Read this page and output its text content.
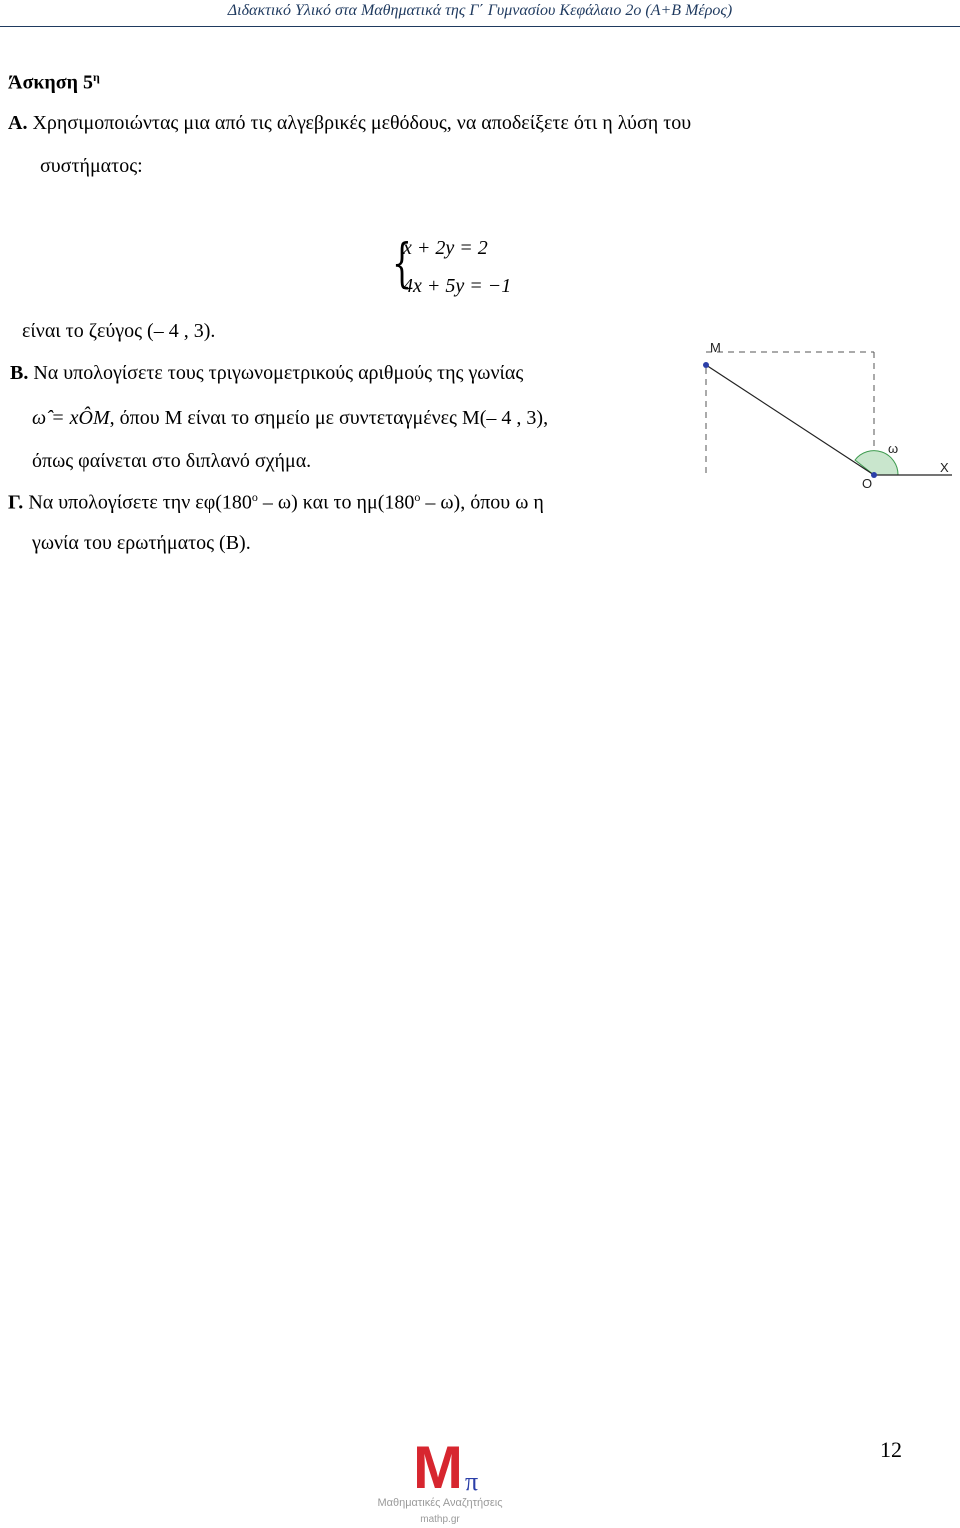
Διδακτικό Υλικό στα Μαθηματικά της Γ΄ Γυμνασίου Κεφάλαιο 2ο (Α+Β Μέρος)
Άσκηση $5^\eta$
Α. Χρησιμοποιώντας μια από τις αλγεβρικές μεθόδους, να αποδείξετε ότι η λύση του
συστήματος:
{
x + 2y = 2
4x + 5y = −1
είναι το ζεύγος (– 4 , 3).
Β. Να υπολογίσετε τους τριγωνομετρικούς αριθμούς της γωνίας
ω̂ = xÔM, όπου Μ είναι το σημείο με συντεταγμένες Μ(– 4 , 3),
όπως φαίνεται στο διπλανό σχήμα.
Γ. Να υπολογίσετε την $\varepsilon\varphi(180^o - \omega)$ και το $\eta\mu(180^o - \omega)$, όπου ω η
γωνία του ερωτήματος (Β).
M
O
ω
X
Μ π
Μαθηματικές Αναζητήσεις
mathp.gr
12
